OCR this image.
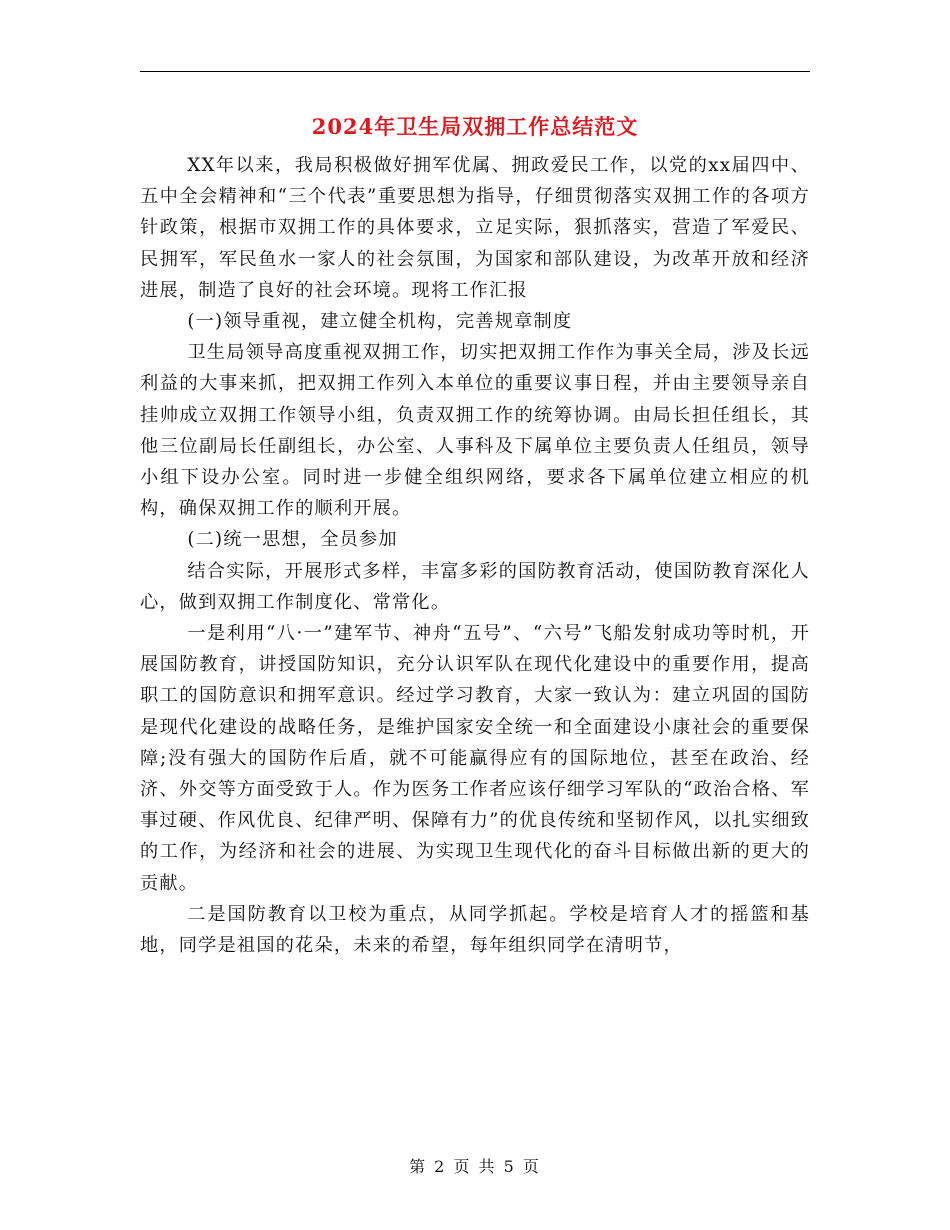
2024年卫生局双拥工作总结范文

XX年以来，我局积极做好拥军优属、拥政爱民工作，以党的xx届四中、五中全会精神和“三个代表”重要思想为指导，仔细贯彻落实双拥工作的各项方针政策，根据市双拥工作的具体要求，立足实际，狠抓落实，营造了军爱民、民拥军，军民鱼水一家人的社会氛围，为国家和部队建设，为改革开放和经济进展，制造了良好的社会环境。现将工作汇报

(一)领导重视，建立健全机构，完善规章制度

卫生局领导高度重视双拥工作，切实把双拥工作作为事关全局，涉及长远利益的大事来抓，把双拥工作列入本单位的重要议事日程，并由主要领导亲自挂帅成立双拥工作领导小组，负责双拥工作的统筹协调。由局长担任组长，其他三位副局长任副组长，办公室、人事科及下属单位主要负责人任组员，领导小组下设办公室。同时进一步健全组织网络，要求各下属单位建立相应的机构，确保双拥工作的顺利开展。

(二)统一思想，全员参加

结合实际，开展形式多样，丰富多彩的国防教育活动，使国防教育深化人心，做到双拥工作制度化、常常化。

一是利用“八·一”建军节、神舟“五号”、“六号”飞船发射成功等时机，开展国防教育，讲授国防知识，充分认识军队在现代化建设中的重要作用，提高职工的国防意识和拥军意识。经过学习教育，大家一致认为：建立巩固的国防是现代化建设的战略任务，是维护国家安全统一和全面建设小康社会的重要保障;没有强大的国防作后盾，就不可能赢得应有的国际地位，甚至在政治、经济、外交等方面受致于人。作为医务工作者应该仔细学习军队的“政治合格、军事过硬、作风优良、纪律严明、保障有力”的优良传统和坚韧作风，以扎实细致的工作，为经济和社会的进展、为实现卫生现代化的奋斗目标做出新的更大的贡献。

二是国防教育以卫校为重点，从同学抓起。学校是培育人才的摇篮和基地，同学是祖国的花朵，未来的希望，每年组织同学在清明节，

第 2 页 共 5 页
